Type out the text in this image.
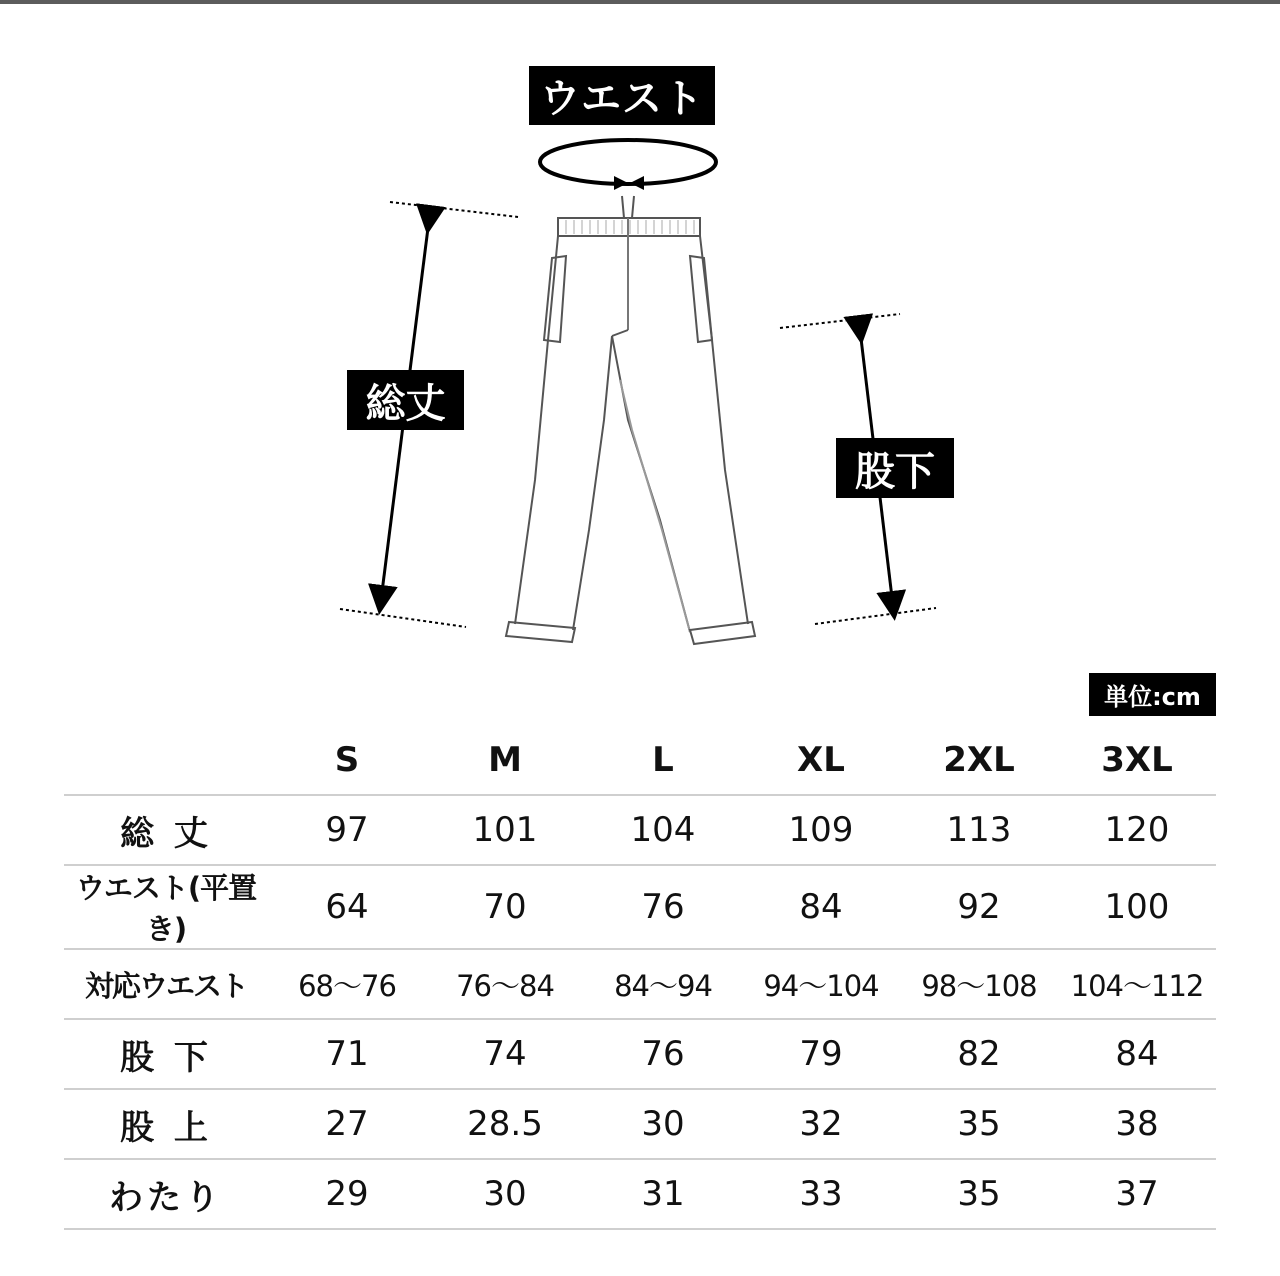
ウエスト
総丈
股下
単位:cm
	S	M	L	XL	2XL	3XL
総 丈	97	101	104	109	113	120
ウエスト(平置き)	64	70	76	84	92	100
対応ウエスト	68〜76	76〜84	84〜94	94〜104	98〜108	104〜112
股 下	71	74	76	79	82	84
股 上	27	28.5	30	32	35	38
わたり	29	30	31	33	35	37
